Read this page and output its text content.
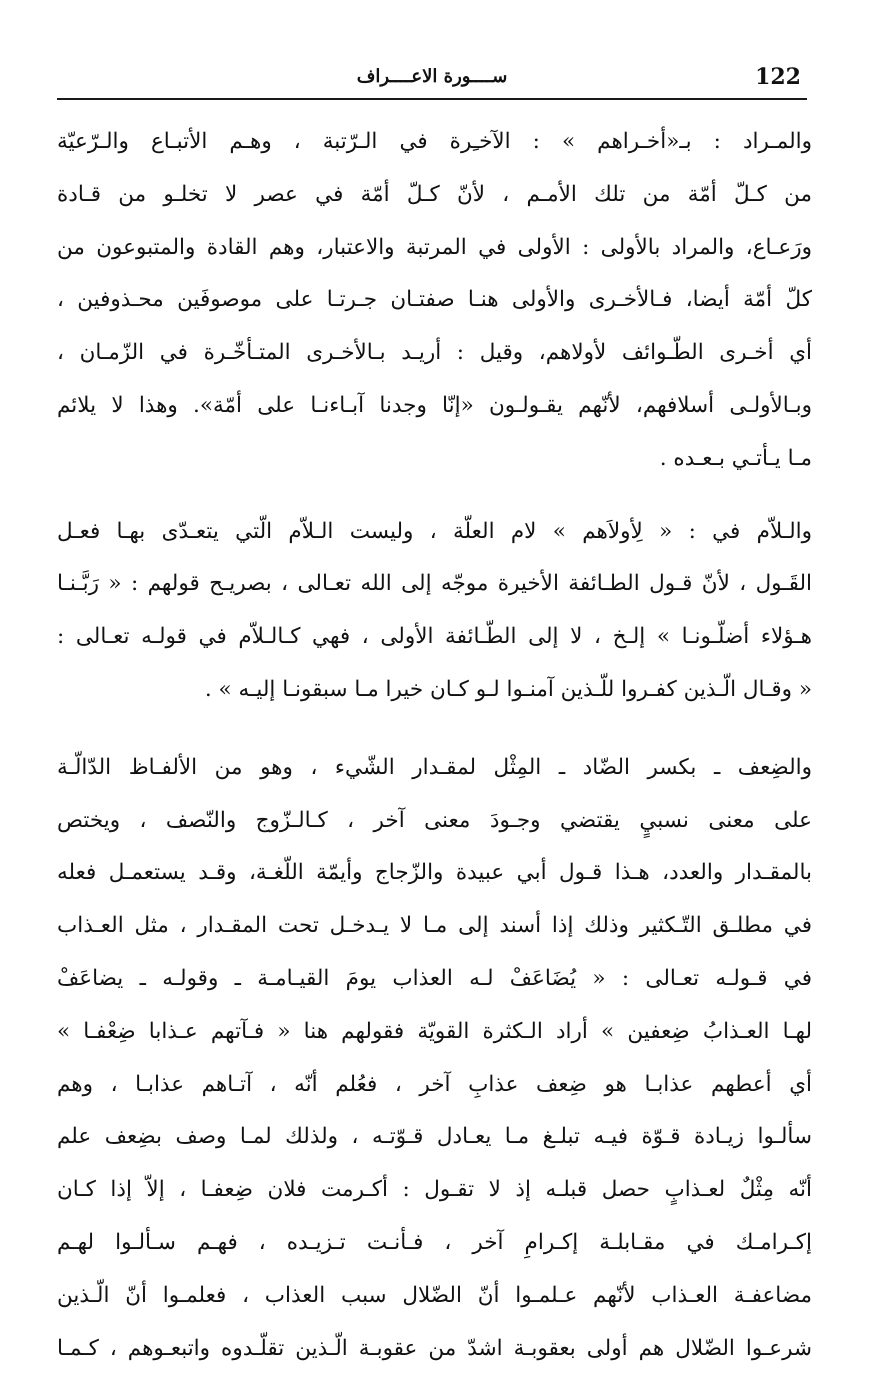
122
ســــورة الاعــــراف
والمـراد : بـ«أخـراهم » : الآخـِرة في الـرّتبة ، وهـم الأتبـاع والـرّعيّة
من كـلّ أمّة من تلك الأمـم ، لأنّ كـلّ أمّة في عصر لا تخلـو من قـادة
ورَعـاع، والمراد بالأولى : الأولى في المرتبة والاعتبار، وهم القادة والمتبوعون من
كلّ أمّة أيضا، فـالأخـرى والأولى هنـا صفتـان جـرتـا على موصوفَين محـذوفين ،
أي أخـرى الطّـوائف لأولاهم، وقيل : أريـد بـالأخـرى المتـأخّـرة في الزّمـان ،
وبـالأولـى أسلافهم، لأنّهم يقـولـون «إنّا وجدنا آبـاءنـا على أمّة». وهذا لا يلائم
مـا يـأتـي بـعـده .
والـلاّم في : « لِأولاَهم » لام العلّة ، وليست الـلاّم الّتي يتعـدّى بهـا فعـل
القَـول ، لأنّ قـول الطـائفة الأخيرة موجّه إلى الله تعـالى ، بصريـح قولهم : « رَبَّـنـا
هـؤلاء أضلّـونـا » إلـخ ، لا إلى الطّـائفة الأولى ، فهي كـالـلاّم في قولـه تعـالى :
« وقـال الّـذين كفـروا للّـذين آمنـوا لـو كـان خيرا مـا سبقونـا إليـه » .
والضِعف ـ بكسر الضّاد ـ المِثْل لمقـدار الشّيء ، وهو من الألفـاظ الدّالّـة
على معنى نسبيٍ يقتضي وجـودَ معنى آخر ، كـالـزّوج والنّصف ، ويختص
بالمقـدار والعدد، هـذا قـول أبي عبيدة والزّجاج وأيمّة اللّغـة، وقـد يستعمـل فعله
في مطلـق التّـكثير وذلك إذا أسند إلى مـا لا يـدخـل تحت المقـدار ، مثل العـذاب
في قـولـه تعـالى : « يُضَاعَفْ لـه العذاب يومَ القيـامـة ـ وقولـه ـ يضاعَفْ
لهـا العـذابُ ضِعفين » أراد الـكثرة القويّة فقولهم هنا « فـآتهم عـذابا ضِعْفـا »
أي أعطهم عذابـا هو ضِعف عذابِ آخر ، فعُلم أنّه ، آتـاهم عذابـا ، وهم
سألـوا زيـادة قـوّة فيـه تبلـغ مـا يعـادل قـوّتـه ، ولذلك لمـا وصف بضِعف علم
أنّه مِثْلٌ لعـذابٍ حصل قبلـه إذ لا تقـول : أكـرمت فلان ضِعفـا ، إلاّ إذا كـان
إكـرامـك في مقـابلـة إكـرامِ آخر ، فـأنـت تـزيـده ، فهـم سـألـوا لهـم
مضاعفـة العـذاب لأنّهم عـلمـوا أنّ الضّلال سبب العذاب ، فعلمـوا أنّ الّـذين
شرعـوا الضّلال هم أولى بعقوبـة اشدّ من عقوبـة الّـذين تقلّـدوه واتبعـوهم ، كـمـا
